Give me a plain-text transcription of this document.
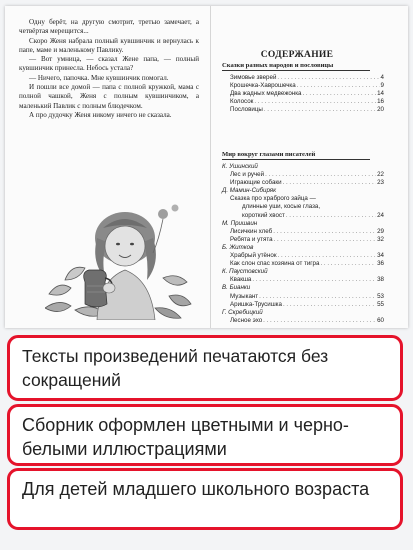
Одну берёт, на другую смотрит, третью замечает, а четвёртая мерещится...

Скоро Женя набрала полный кувшинчик и вернулась к папе, маме и маленькому Павлику.

— Вот умница, — сказал Жене папа, — полный кувшинчик принесла. Небось устала?

— Ничего, папочка. Мне кувшинчик помогал.

И пошли все домой — папа с полной кружкой, мама с полной чашкой, Женя с полным кувшинчиком, а маленький Павлик с полным блюдечком.

А про дудочку Женя никому ничего не сказала.

СОДЕРЖАНИЕ
Сказки разных народов и пословицы
Зимовье зверей . . .	4
Крошечка-Хаврошечка . . .	9
Два жадных медвежонка . . .	14
Колосок . . .	16
Пословицы . . .	20
Мир вокруг глазами писателей
К. Ушинский
Лес и ручей . . .	22
Играющие собаки . . .	23
Д. Мамин-Сибиряк
Сказка про храброго зайца —
длинные уши, косые глаза,
короткий хвост . . .	24
М. Пришвин
Лисичкин хлеб . . .	29
Ребята и утята . . .	32
Б. Житков
Храбрый утёнок . . .	34
Как слон спас хозяина от тигра . . .	36
К. Паустовский
Квакша . . .	38
В. Бианки
Музыкант . . .	53
Аришка-Трусишка . . .	55
Г. Скребицкий
Лесное эхо . . .	60
Тексты произведений печатаются без сокращений
Сборник оформлен цветными и черно-белыми иллюстрациями
Для детей младшего школьного возраста
